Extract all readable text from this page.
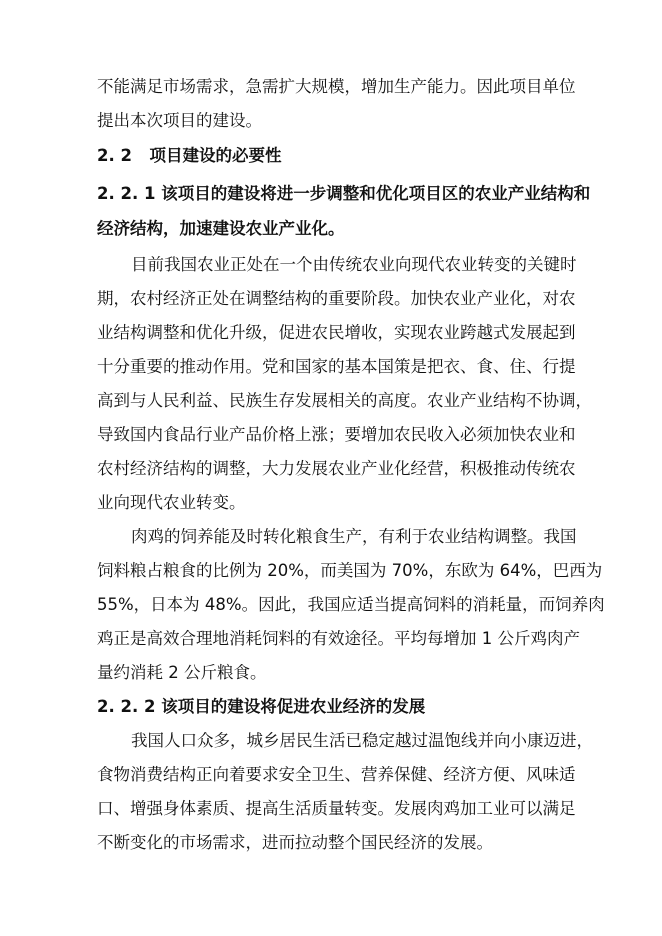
不能满足市场需求，急需扩大规模，增加生产能力。因此项目单位
提出本次项目的建设。
2. 2 项目建设的必要性
2. 2. 1 该项目的建设将进一步调整和优化项目区的农业产业结构和
经济结构，加速建设农业产业化。
目前我国农业正处在一个由传统农业向现代农业转变的关键时
期，农村经济正处在调整结构的重要阶段。加快农业产业化，对农
业结构调整和优化升级，促进农民增收，实现农业跨越式发展起到
十分重要的推动作用。党和国家的基本国策是把衣、食、住、行提
高到与人民利益、民族生存发展相关的高度。农业产业结构不协调，
导致国内食品行业产品价格上涨；要增加农民收入必须加快农业和
农村经济结构的调整，大力发展农业产业化经营，积极推动传统农
业向现代农业转变。
肉鸡的饲养能及时转化粮食生产，有利于农业结构调整。我国
饲料粮占粮食的比例为 20%，而美国为 70%，东欧为 64%，巴西为
55%，日本为 48%。因此，我国应适当提高饲料的消耗量，而饲养肉
鸡正是高效合理地消耗饲料的有效途径。平均每增加 1 公斤鸡肉产
量约消耗 2 公斤粮食。
2. 2. 2 该项目的建设将促进农业经济的发展
我国人口众多，城乡居民生活已稳定越过温饱线并向小康迈进，
食物消费结构正向着要求安全卫生、营养保健、经济方便、风味适
口、增强身体素质、提高生活质量转变。发展肉鸡加工业可以满足
不断变化的市场需求，进而拉动整个国民经济的发展。
